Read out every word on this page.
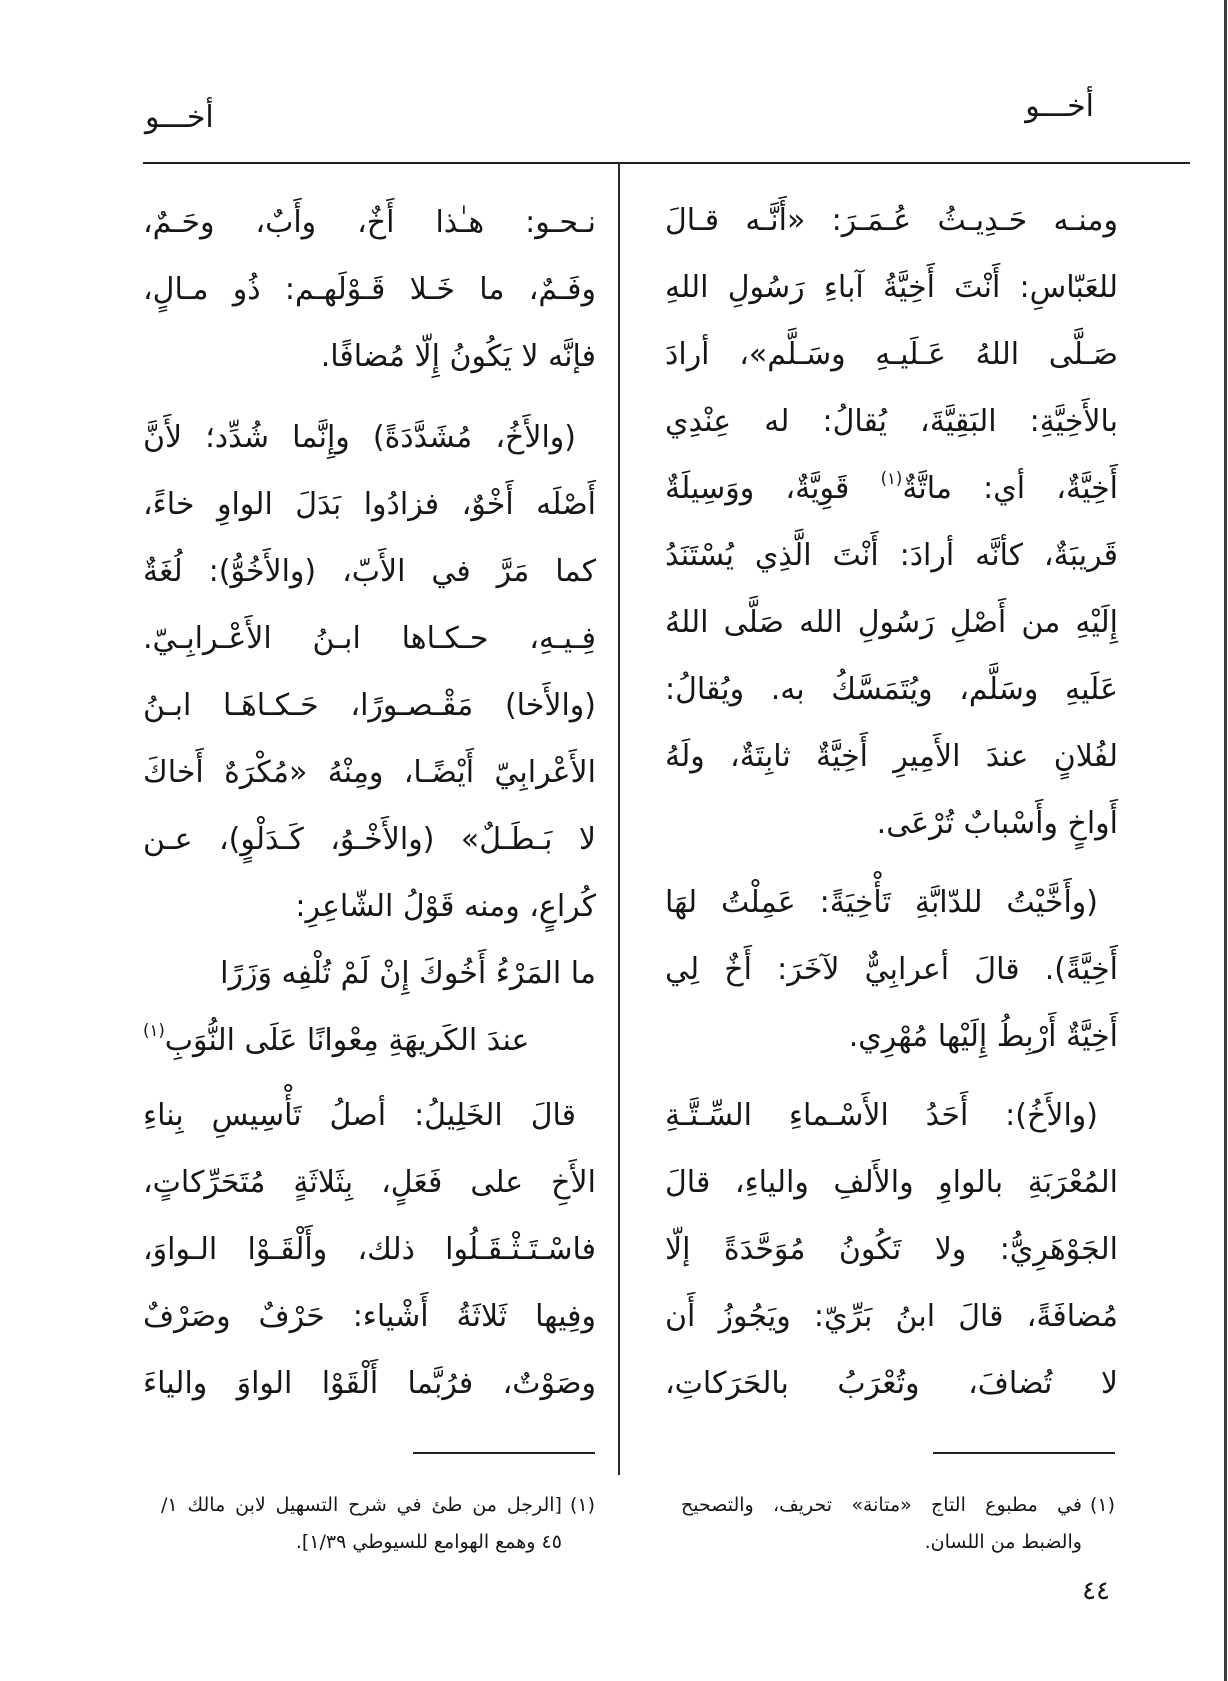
أخـــو
أخـــو
ومنـه حَـدِيـثُ عُـمَـرَ: «أَنَّـه قـالَ
للعَبّاسِ: أَنْتَ أَخِيَّةُ آباءِ رَسُولِ اللهِ
صَـلَّى اللهُ عَـلَيـهِ وسَـلَّم»، أرادَ
بالأَخِيَّةِ: البَقِيَّةَ، يُقالُ: له عِنْدِي
أَخِيَّةٌ، أي: ماتَّةٌ$^{(١)}$ قَوِيَّةٌ، ووَسِيلَةٌ
قَريبَةٌ، كأنَّه أرادَ: أَنْتَ الَّذِي يُسْتَنَدُ
إِلَيْهِ من أَصْلِ رَسُولِ الله صَلَّى اللهُ
عَلَيهِ وسَلَّم، ويُتَمَسَّكُ به. ويُقالُ:
لفُلانٍ عندَ الأَمِيرِ أَخِيَّةٌ ثابِتَةٌ، ولَهُ
أَواخٍ وأَسْبابٌ تُرْعَى.
(وأَخَّيْتُ للدّابَّةِ تَأْخِيَةً: عَمِلْتُ لهَا
أَخِيَّةً). قالَ أعرابِيٌّ لآخَرَ: أَخٌ لِي
أَخِيَّةٌ أَرْبِطُ إِلَيْها مُهْرِي.
(والأَخُ): أَحَدُ الأَسْـماءِ السِّـتَّـةِ
المُعْرَبَةِ بالواوِ والأَلفِ والياءِ، قالَ
الجَوْهَرِيُّ: ولا تَكُونُ مُوَحَّدَةً إلّا
مُضافَةً، قالَ ابنُ بَرِّيّ: ويَجُوزُ أَن
لا تُضافَ، وتُعْرَبُ بالحَرَكاتِ،
نـحـو: هـٰذا أَخٌ، وأَبٌ، وحَـمٌ،
وفَـمٌ، ما خَـلا قَـوْلَهـم: ذُو مـالٍ،
فإنَّه لا يَكُونُ إِلّا مُضافًا.
(والأَخُ، مُشَدَّدَةً) وإِنَّما شُدِّد؛ لأَنَّ
أَصْلَه أَخْوٌ، فزادُوا بَدَلَ الواوِ خاءً،
كما مَرَّ في الأَبّ، (والأَخُوُّ): لُغَةٌ
فِـيـهِ، حـكـاها ابـنُ الأَعْـرابِـيّ.
(والأَخا) مَقْـصـورًا، حَـكـاهَـا ابـنُ
الأَعْرابِيّ أَيْضًـا، ومِنْهُ «مُكْرَهٌ أَخاكَ
لا بَـطَـلٌ» (والأَخْـوُ، كَـدَلْوٍ)، عـن
كُراعٍ، ومنه قَوْلُ الشّاعِرِ:
ما المَرْءُ أَخُوكَ إِنْ لَمْ تُلْفِه وَزَرًا
عندَ الكَريهَةِ مِعْوانًا عَلَى النُّوَبِ$^{(١)}$
قالَ الخَلِيلُ: أصلُ تَأْسِيسِ بِناءِ
الأَخِ على فَعَلٍ، بِثَلاثَةٍ مُتَحَرِّكاتٍ،
فاسْـتَـثْـقَـلُوا ذلك، وأَلْقَـوْا الـواوَ،
وفِيها ثَلاثَةُ أَشْياء: حَرْفٌ وصَرْفٌ
وصَوْتٌ، فرُبَّما أَلْقَوْا الواوَ والياءَ
(١)
في مطبوع التاج «متانة» تحريف، والتصحيح
والضبط من اللسان.
(١)
[الرجل من طئ في شرح التسهيل لابن مالك ١/
٤٥ وهمع الهوامع للسيوطي ١/٣٩].
٤٤
